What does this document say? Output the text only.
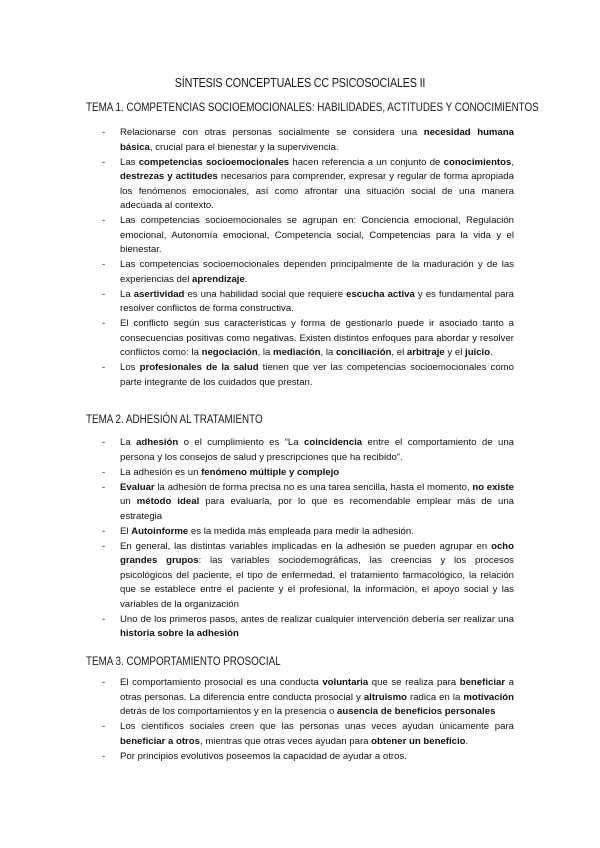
SÍNTESIS CONCEPTUALES CC PSICOSOCIALES II
TEMA 1. COMPETENCIAS SOCIOEMOCIONALES: HABILIDADES, ACTITUDES Y CONOCIMIENTOS
- Relacionarse con otras personas socialmente se considera una necesidad humana básica, crucial para el bienestar y la supervivencia.
- Las competencias socioemocionales hacen referencia a un conjunto de conocimientos, destrezas y actitudes necesarios para comprender, expresar y regular de forma apropiada los fenómenos emocionales, así como afrontar una situación social de una manera adecuada al contexto.
- Las competencias socioemocionales se agrupan en: Conciencia emocional, Regulación emocional, Autonomía emocional, Competencia social, Competencias para la vida y el bienestar.
- Las competencias socioemocionales dependen principalmente de la maduración y de las experiencias del aprendizaje.
- La asertividad es una habilidad social que requiere escucha activa y es fundamental para resolver conflictos de forma constructiva.
- El conflicto según sus características y forma de gestionarlo puede ir asociado tanto a consecuencias positivas como negativas. Existen distintos enfoques para abordar y resolver conflictos como: la negociación, la mediación, la conciliación, el arbitraje y el juicio.
- Los profesionales de la salud tienen que ver las competencias socioemocionales como parte integrante de los cuidados que prestan.
TEMA 2. ADHESIÓN AL TRATAMIENTO
- La adhesión o el cumplimiento es “La coincidencia entre el comportamiento de una persona y los consejos de salud y prescripciones que ha recibido”.
- La adhesión es un fenómeno múltiple y complejo
- Evaluar la adhesión de forma precisa no es una tarea sencilla, hasta el momento, no existe un método ideal para evaluarla, por lo que es recomendable emplear más de una estrategia
- El Autoinforme es la medida más empleada para medir la adhesión.
- En general, las distintas variables implicadas en la adhesión se pueden agrupar en ocho grandes grupos: las variables sociodemográficas, las creencias y los procesos psicológicos del paciente, el tipo de enfermedad, el tratamiento farmacológico, la relación que se establece entre el paciente y el profesional, la información, el apoyo social y las variables de la organización
- Uno de los primeros pasos, antes de realizar cualquier intervención debería ser realizar una historia sobre la adhesión
TEMA 3. COMPORTAMIENTO PROSOCIAL
- El comportamiento prosocial es una conducta voluntaria que se realiza para beneficiar a otras personas. La diferencia entre conducta prosocial y altruismo radica en la motivación detrás de los comportamientos y en la presencia o ausencia de beneficios personales
- Los científicos sociales creen que las personas unas veces ayudan únicamente para beneficiar a otros, mientras que otras veces ayudan para obtener un beneficio.
- Por principios evolutivos poseemos la capacidad de ayudar a otros.
